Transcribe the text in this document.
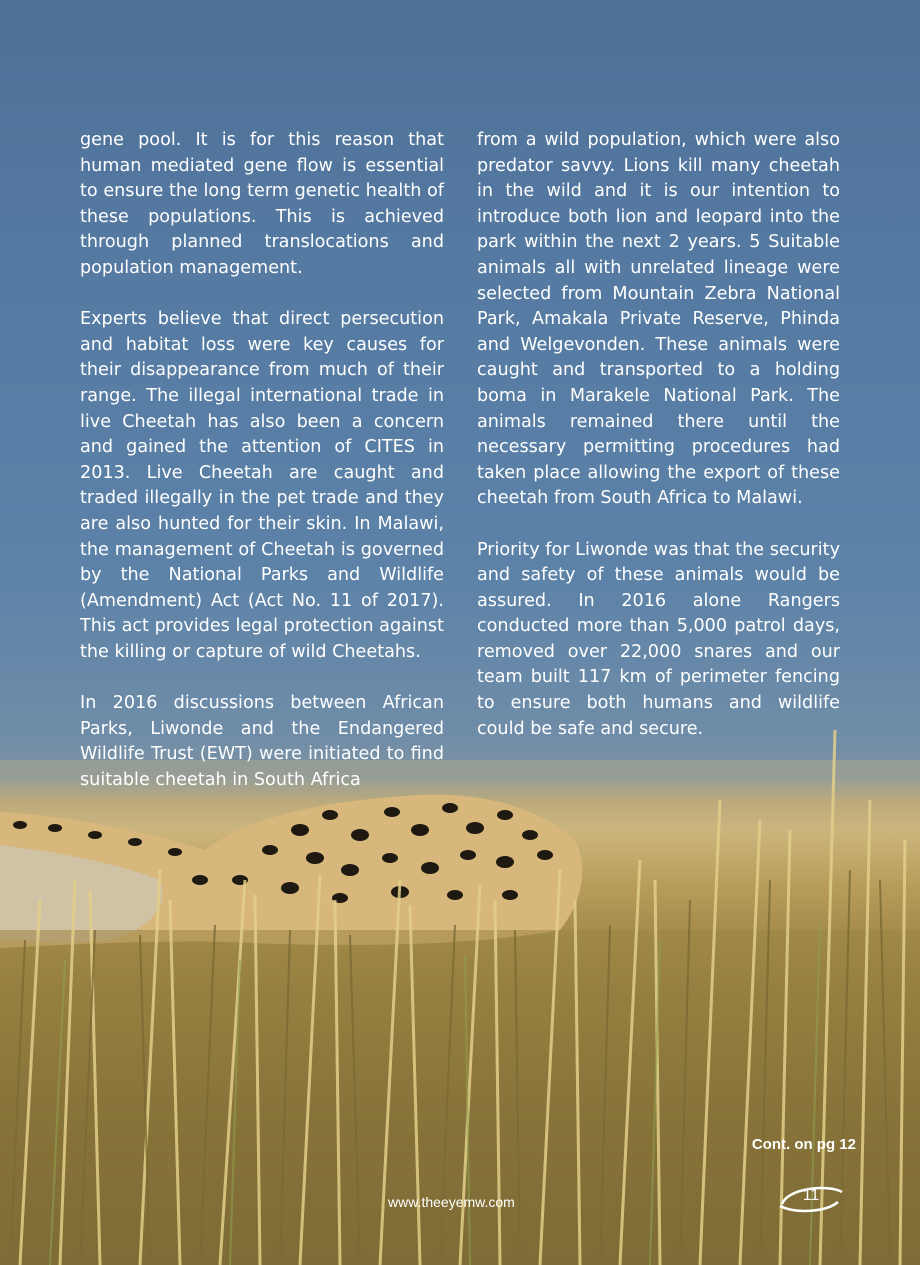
gene pool. It is for this reason that human mediated gene flow is essential to ensure the long term genetic health of these populations. This is achieved through planned translocations and population management.

Experts believe that direct persecution and habitat loss were key causes for their disappearance from much of their range. The illegal international trade in live Cheetah has also been a concern and gained the attention of CITES in 2013. Live Cheetah are caught and traded illegally in the pet trade and they are also hunted for their skin. In Malawi, the management of Cheetah is governed by the National Parks and Wildlife (Amendment) Act (Act No. 11 of 2017). This act provides legal protection against the killing or capture of wild Cheetahs.

In 2016 discussions between African Parks, Liwonde and the Endangered Wildlife Trust (EWT) were initiated to find suitable cheetah in South Africa

from a wild population, which were also predator savvy. Lions kill many cheetah in the wild and it is our intention to introduce both lion and leopard into the park within the next 2 years. 5 Suitable animals all with unrelated lineage were selected from Mountain Zebra National Park, Amakala Private Reserve, Phinda and Welgevonden. These animals were caught and transported to a holding boma in Marakele National Park. The animals remained there until the necessary permitting procedures had taken place allowing the export of these cheetah from South Africa to Malawi.

Priority for Liwonde was that the security and safety of these animals would be assured. In 2016 alone Rangers conducted more than 5,000 patrol days, removed over 22,000 snares and our team built 117 km of perimeter fencing to ensure both humans and wildlife could be safe and secure.

Cont. on pg 12
www.theeyemw.com	11
